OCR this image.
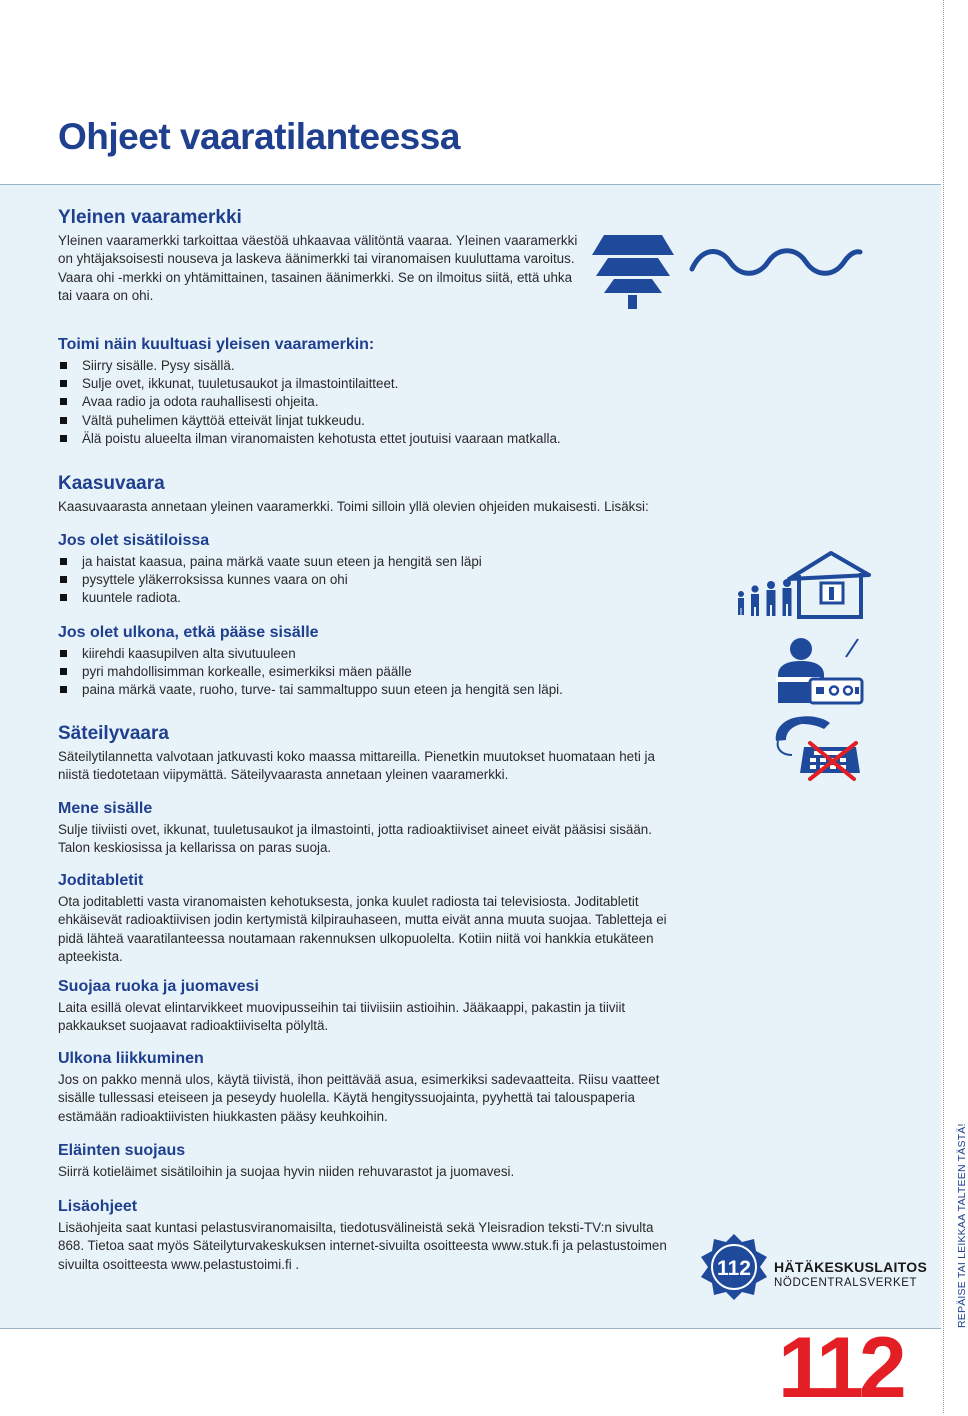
Ohjeet vaaratilanteessa
Yleinen vaaramerkki

Yleinen vaaramerkki tarkoittaa väestöä uhkaavaa välitöntä vaaraa. Yleinen vaaramerkki on yhtäjaksoisesti nouseva ja laskeva äänimerkki tai viranomaisen kuuluttama varoitus. Vaara ohi -merkki on yhtämittainen, tasainen äänimerkki. Se on ilmoitus siitä, että uhka tai vaara on ohi.

Toimi näin kuultuasi yleisen vaaramerkin:
Siirry sisälle. Pysy sisällä.
Sulje ovet, ikkunat, tuuletusaukot ja ilmastointilaitteet.
Avaa radio ja odota rauhallisesti ohjeita.
Vältä puhelimen käyttöä etteivät linjat tukkeudu.
Älä poistu alueelta ilman viranomaisten kehotusta ettet joutuisi vaaraan matkalla.
Kaasuvaara

Kaasuvaarasta annetaan yleinen vaaramerkki. Toimi silloin yllä olevien ohjeiden mukaisesti. Lisäksi:

Jos olet sisätiloissa
ja haistat kaasua, paina märkä vaate suun eteen ja hengitä sen läpi
pysyttele yläkerroksissa kunnes vaara on ohi
kuuntele radiota.
Jos olet ulkona, etkä pääse sisälle
kiirehdi kaasupilven alta sivutuuleen
pyri mahdollisimman korkealle, esimerkiksi mäen päälle
paina märkä vaate, ruoho, turve- tai sammaltuppo suun eteen ja hengitä sen läpi.
Säteilyvaara

Säteilytilannetta valvotaan jatkuvasti koko maassa mittareilla. Pienetkin muutokset huomataan heti ja niistä tiedotetaan viipymättä. Säteilyvaarasta annetaan yleinen vaaramerkki.

Mene sisälle

Sulje tiiviisti ovet, ikkunat, tuuletusaukot ja ilmastointi, jotta radioaktiiviset aineet eivät pääsisi sisään. Talon keskiosissa ja kellarissa on paras suoja.

Joditabletit

Ota joditabletti vasta viranomaisten kehotuksesta, jonka kuulet radiosta tai televisiosta. Joditabletit ehkäisevät radioaktiivisen jodin kertymistä kilpirauhaseen, mutta eivät anna muuta suojaa. Tabletteja ei pidä lähteä vaaratilanteessa noutamaan rakennuksen ulkopuolelta. Kotiin niitä voi hankkia etukäteen apteekista.

Suojaa ruoka ja juomavesi

Laita esillä olevat elintarvikkeet muovipusseihin tai tiiviisiin astioihin. Jääkaappi, pakastin ja tiiviit pakkaukset suojaavat radioaktiiviselta pölyltä.

Ulkona liikkuminen

Jos on pakko mennä ulos, käytä tiivistä, ihon peittävää asua, esimerkiksi sadevaatteita. Riisu vaatteet sisälle tullessasi eteiseen ja peseydy huolella. Käytä hengityssuojainta, pyyhettä tai talouspaperia estämään radioaktiivisten hiukkasten pääsy keuhkoihin.

Eläinten suojaus

Siirrä kotieläimet sisätiloihin ja suojaa hyvin niiden rehuvarastot ja juomavesi.

Lisäohjeet

Lisäohjeita saat kuntasi pelastusviranomaisilta, tiedotusvälineistä sekä Yleisradion teksti-TV:n sivulta 868. Tietoa saat myös Säteilyturvakeskuksen internet-sivuilta osoitteesta www.stuk.fi ja pelastustoimen sivuilta osoitteesta www.pelastustoimi.fi .

112
112 HÄTÄKESKUSLAITOS
NÖDCENTRALSVERKET	REPÄISE TAI LEIKKAA TALTEEN TÄSTÄ!
